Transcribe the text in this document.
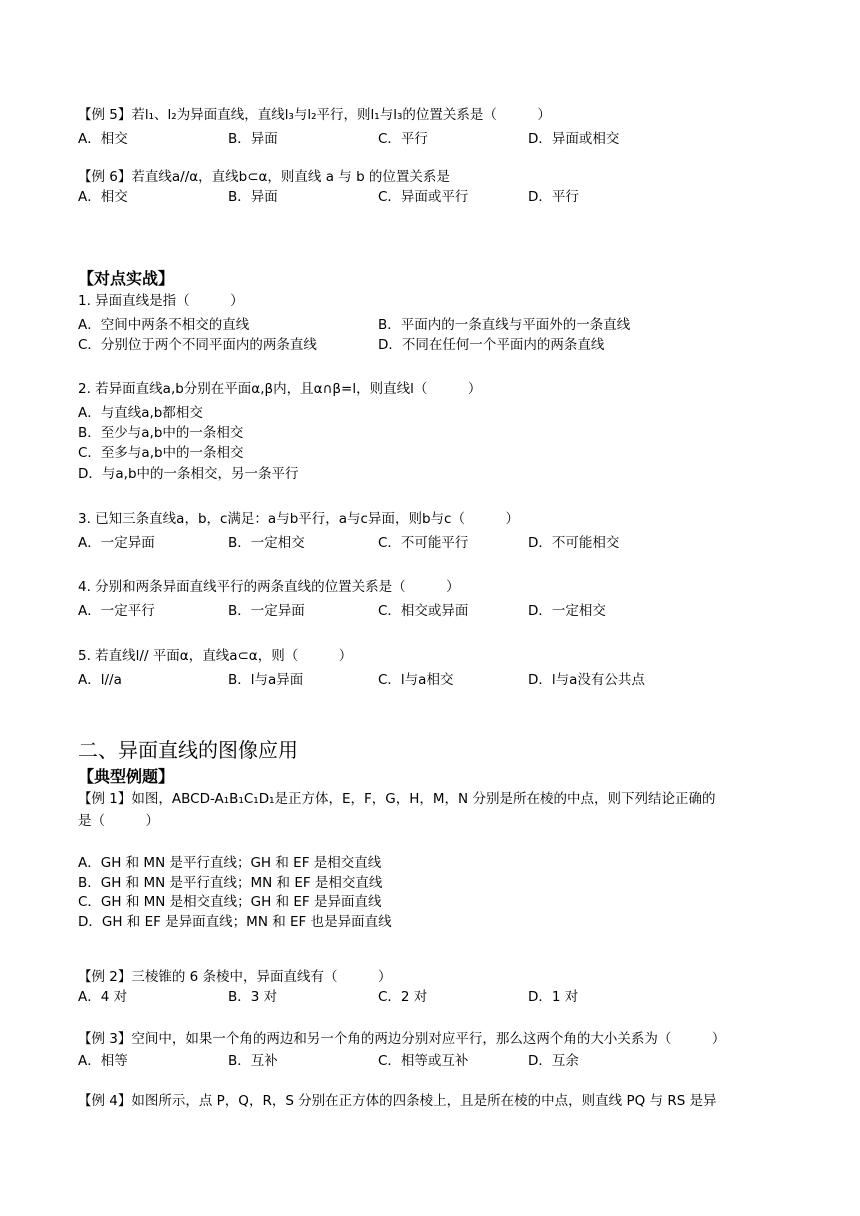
【例 5】若l₁、l₂为异面直线，直线l₃与l₂平行，则l₁与l₃的位置关系是（　　　）
A．相交	B．异面	C．平行	D．异面或相交
【例 6】若直线a//α，直线b⊂α，则直线 a 与 b 的位置关系是
A．相交	B．异面	C．异面或平行	D．平行
【对点实战】
1. 异面直线是指（　　　）
A．空间中两条不相交的直线	B．平面内的一条直线与平面外的一条直线
C．分别位于两个不同平面内的两条直线	D．不同在任何一个平面内的两条直线
2. 若异面直线a,b分别在平面α,β内，且α∩β=l，则直线l（　　　）
A．与直线a,b都相交
B．至少与a,b中的一条相交
C．至多与a,b中的一条相交
D．与a,b中的一条相交，另一条平行
3. 已知三条直线a，b，c满足：a与b平行，a与c异面，则b与c（　　　）
A．一定异面	B．一定相交	C．不可能平行	D．不可能相交
4. 分别和两条异面直线平行的两条直线的位置关系是（　　　）
A．一定平行	B．一定异面	C．相交或异面	D．一定相交
5. 若直线l// 平面α，直线a⊂α，则（　　　）
A．l//a	B．l与a异面	C．l与a相交	D．l与a没有公共点
二、异面直线的图像应用
【典型例题】
【例 1】如图，ABCD-A₁B₁C₁D₁是正方体，E，F，G，H，M，N 分别是所在棱的中点，则下列结论正确的
是（　　　）
A．GH 和 MN 是平行直线；GH 和 EF 是相交直线
B．GH 和 MN 是平行直线；MN 和 EF 是相交直线
C．GH 和 MN 是相交直线；GH 和 EF 是异面直线
D．GH 和 EF 是异面直线；MN 和 EF 也是异面直线
【例 2】三棱锥的 6 条棱中，异面直线有（　　　）
A．4 对	B．3 对	C．2 对	D．1 对
【例 3】空间中，如果一个角的两边和另一个角的两边分别对应平行，那么这两个角的大小关系为（　　　）
A．相等	B．互补	C．相等或互补	D．互余
【例 4】如图所示，点 P，Q，R，S 分别在正方体的四条棱上，且是所在棱的中点，则直线 PQ 与 RS 是异
